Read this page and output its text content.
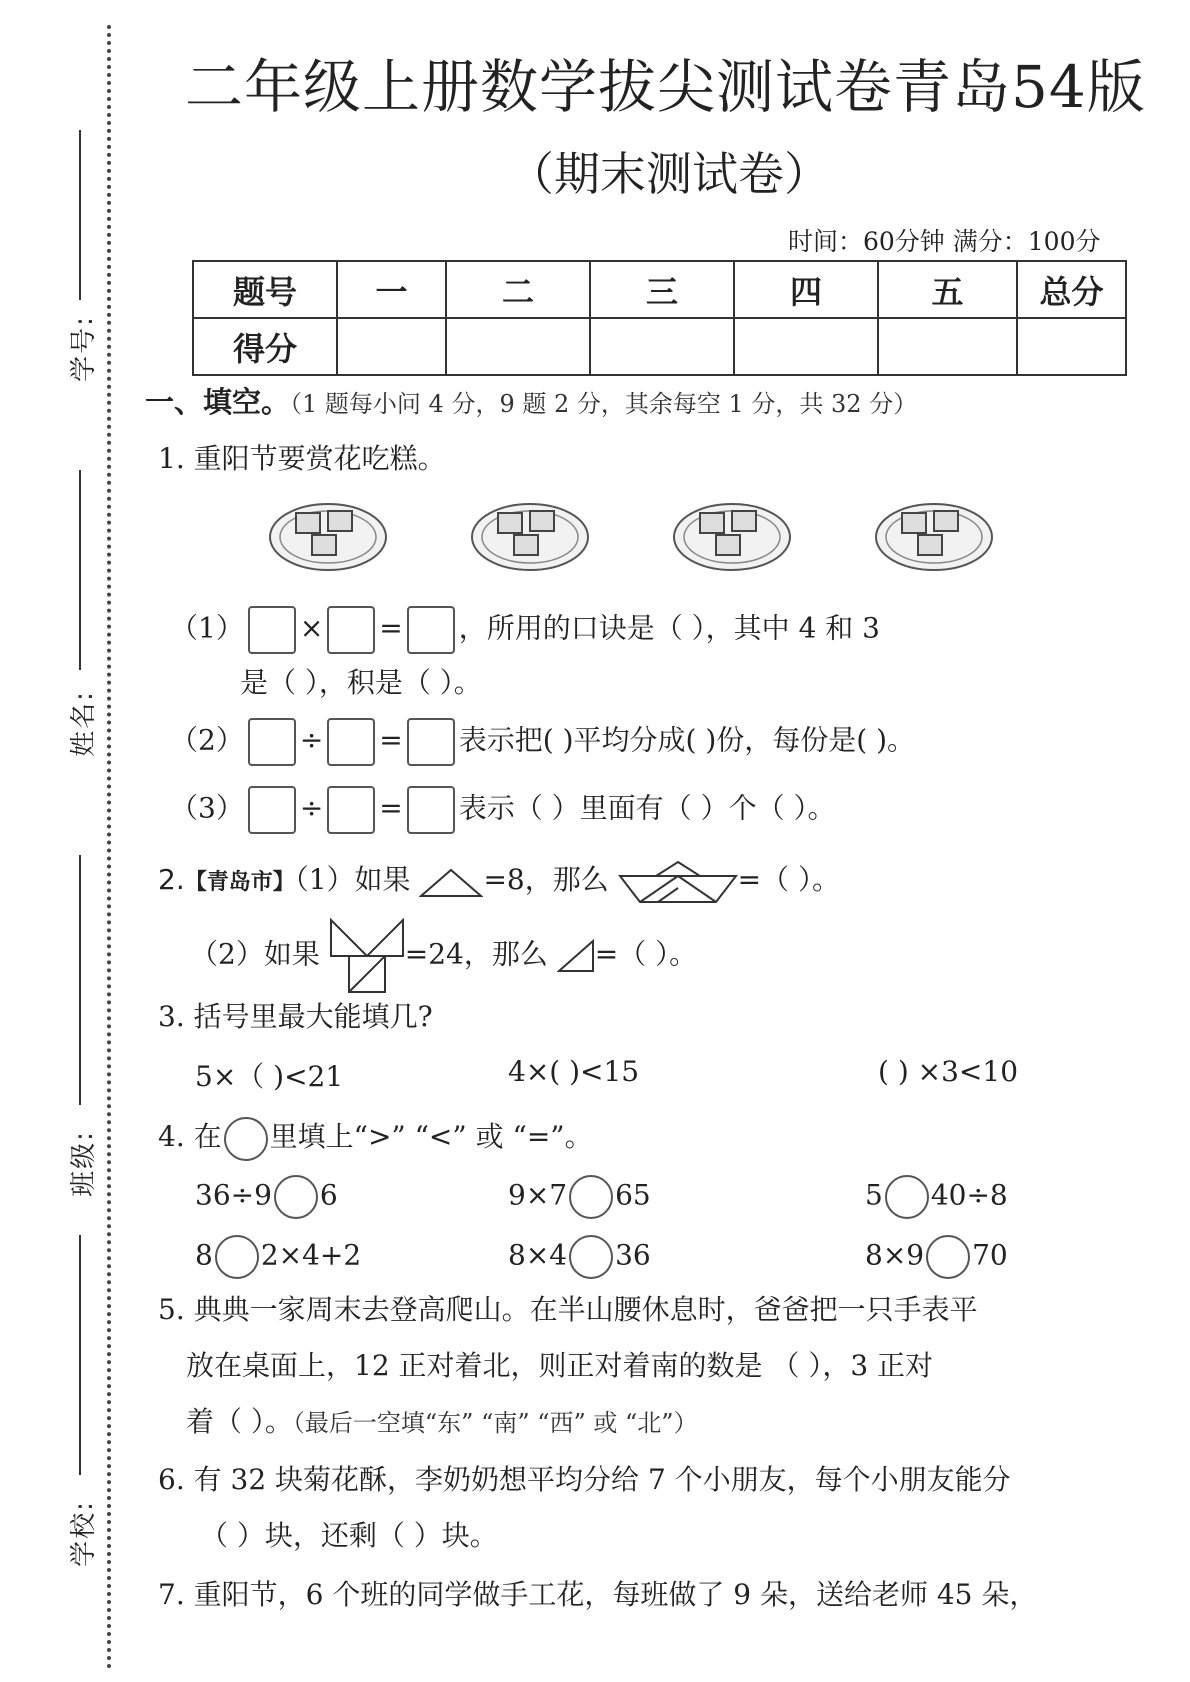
学号:
姓名:
班级:
学校:
二年级上册数学拔尖测试卷青岛54版
（期末测试卷）
时间：60分钟 满分：100分
题号	一	二	三	四	五	总分
得分						
一、填空。（1 题每小问 4 分，9 题 2 分，其余每空 1 分，共 32 分）
1. 重阳节要赏花吃糕。
（1） × = ，所用的口诀是（ ），其中 4 和 3
是（ ），积是（ ）。
（2） ÷ = 表示把( )平均分成( )份，每份是( )。
（3） ÷ = 表示（ ）里面有（ ）个（ ）。
2.【青岛市】（1）如果	=8，那么	=（ ）。
（2）如果	=24，那么 =（ ）。
3. 括号里最大能填几?
5×（ )<21	4×( )<15	( ) ×3<10
4. 在 里填上“>” “<” 或 “=”。
36÷9 6	9×7 65	5 40÷8
8 2×4+2	8×4 36	8×9 70
5. 典典一家周末去登高爬山。在半山腰休息时，爸爸把一只手表平
放在桌面上，12 正对着北，则正对着南的数是 （ ），3 正对
着（ ）。（最后一空填“东” “南” “西” 或 “北”）
6. 有 32 块菊花酥，李奶奶想平均分给 7 个小朋友，每个小朋友能分
（ ）块，还剩（ ）块。
7. 重阳节，6 个班的同学做手工花，每班做了 9 朵，送给老师 45 朵，
